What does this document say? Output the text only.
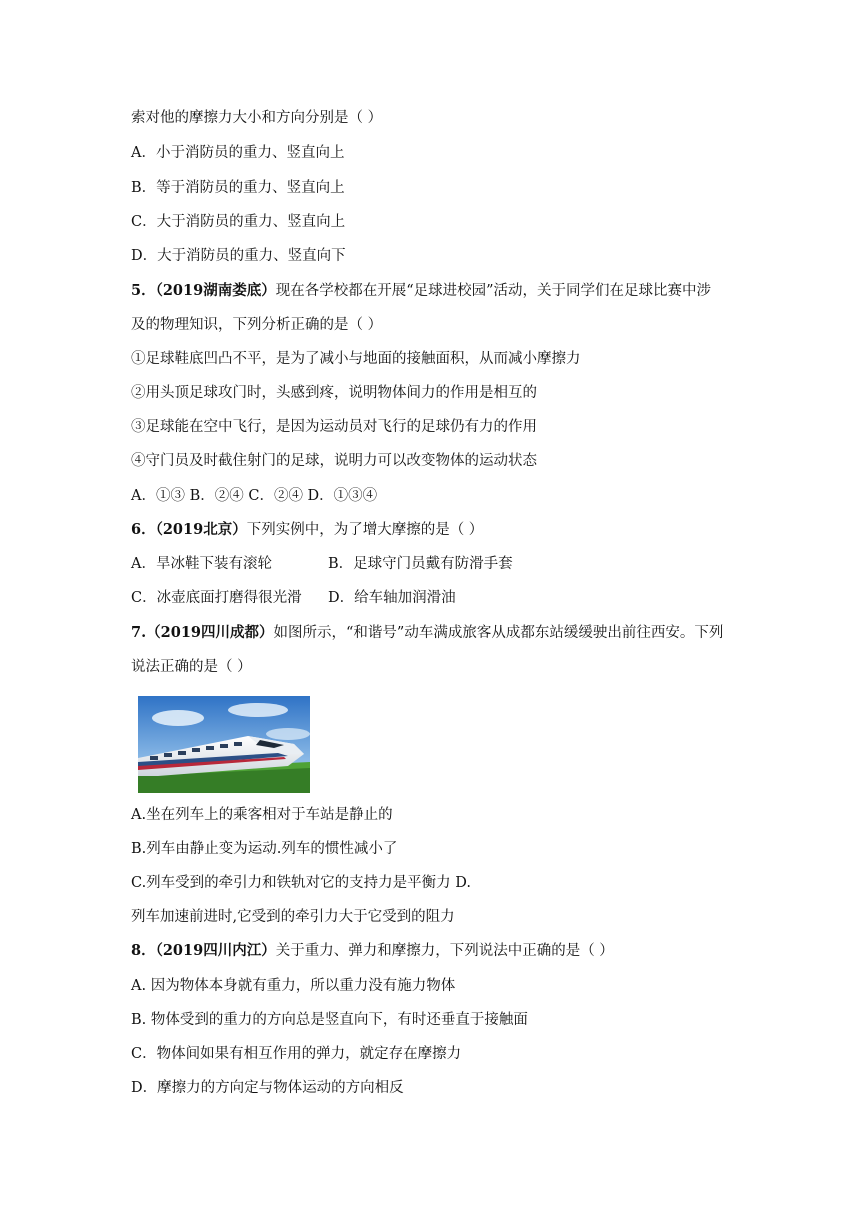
索对他的摩擦力大小和方向分别是（ ）
A．小于消防员的重力、竖直向上
B．等于消防员的重力、竖直向上
C．大于消防员的重力、竖直向上
D．大于消防员的重力、竖直向下
5．（2019湖南娄底）现在各学校都在开展“足球进校园”活动，关于同学们在足球比赛中涉
及的物理知识，下列分析正确的是（ ）
①足球鞋底凹凸不平，是为了减小与地面的接触面积，从而减小摩擦力
②用头顶足球攻门时，头感到疼，说明物体间力的作用是相互的
③足球能在空中飞行，是因为运动员对飞行的足球仍有力的作用
④守门员及时截住射门的足球，说明力可以改变物体的运动状态
A．①③ B．②④ C．②④ D．①③④
6．（2019北京）下列实例中，为了增大摩擦的是（ ）
A．旱冰鞋下装有滚轮	B．足球守门员戴有防滑手套
C．冰壶底面打磨得很光滑 D．给车轴加润滑油
7.（2019四川成都）如图所示，“和谐号”动车满成旅客从成都东站缓缓驶出前往西安。下列
说法正确的是（ ）
A.坐在列车上的乘客相对于车站是静止的
B.列车由静止变为运动.列车的惯性减小了
C.列车受到的牵引力和铁轨对它的支持力是平衡力 D.
列车加速前进时,它受到的牵引力大于它受到的阻力
8．（2019四川内江）关于重力、弹力和摩擦力，下列说法中正确的是（ ）
A. 因为物体本身就有重力，所以重力没有施力物体
B. 物体受到的重力的方向总是竖直向下，有时还垂直于接触面
C．物体间如果有相互作用的弹力，就定存在摩擦力
D．摩擦力的方向定与物体运动的方向相反
